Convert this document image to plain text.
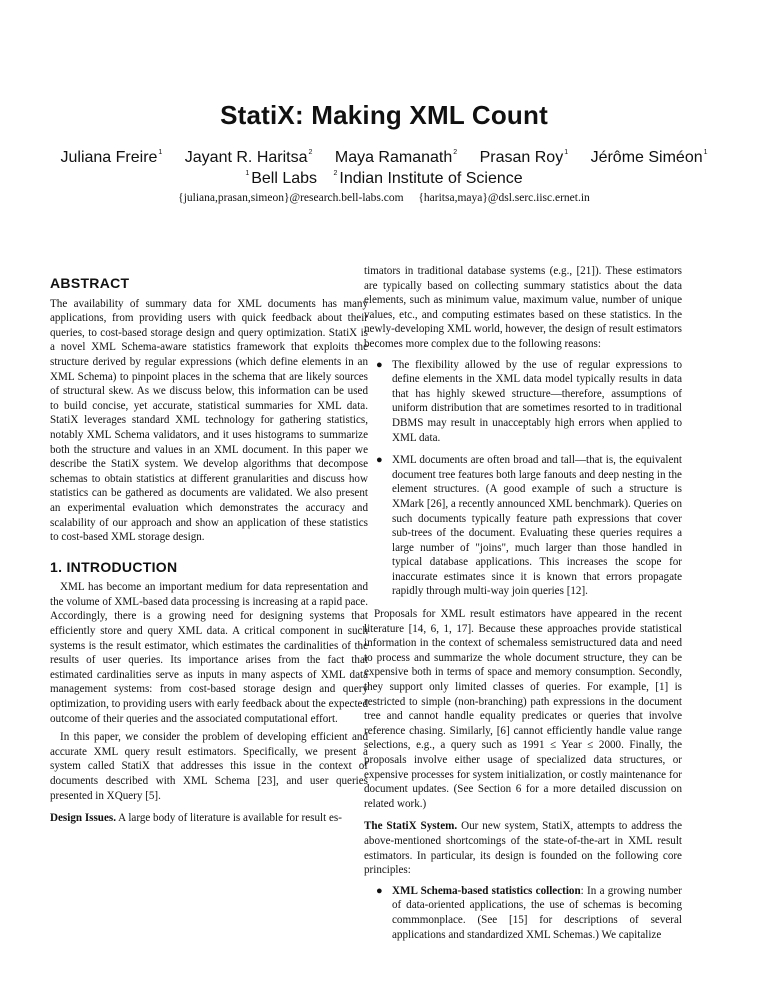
StatiX: Making XML Count
Juliana Freire$^1$ Jayant R. Haritsa$^2$ Maya Ramanath$^2$ Prasan Roy$^1$ Jérôme Siméon$^1$
$^1$ Bell Labs $^2$ Indian Institute of Science
{juliana,prasan,simeon}@research.bell-labs.com {haritsa,maya}@dsl.serc.iisc.ernet.in
ABSTRACT

The availability of summary data for XML documents has many applications, from providing users with quick feedback about their queries, to cost-based storage design and query optimization. StatiX is a novel XML Schema-aware statistics framework that exploits the structure derived by regular expressions (which define elements in an XML Schema) to pinpoint places in the schema that are likely sources of structural skew. As we discuss below, this information can be used to build concise, yet accurate, statistical summaries for XML data. StatiX leverages standard XML technology for gathering statistics, notably XML Schema validators, and it uses histograms to summarize both the structure and values in an XML document. In this paper we describe the StatiX system. We develop algorithms that decompose schemas to obtain statistics at different granularities and discuss how statistics can be gathered as documents are validated. We also present an experimental evaluation which demonstrates the accuracy and scalability of our approach and show an application of these statistics to cost-based XML storage design.

1. INTRODUCTION

XML has become an important medium for data representation and the volume of XML-based data processing is increasing at a rapid pace. Accordingly, there is a growing need for designing systems that efficiently store and query XML data. A critical component in such systems is the result estimator, which estimates the cardinalities of the results of user queries. Its importance arises from the fact that estimated cardinalities serve as inputs in many aspects of XML data management systems: from cost-based storage design and query optimization, to providing users with early feedback about the expected outcome of their queries and the associated computational effort.

In this paper, we consider the problem of developing efficient and accurate XML query result estimators. Specifically, we present a system called StatiX that addresses this issue in the context of documents described with XML Schema [23], and user queries presented in XQuery [5].

Design Issues. A large body of literature is available for result es-

timators in traditional database systems (e.g., [21]). These estimators are typically based on collecting summary statistics about the data elements, such as minimum value, maximum value, number of unique values, etc., and computing estimates based on these statistics. In the newly-developing XML world, however, the design of result estimators becomes more complex due to the following reasons:

● The flexibility allowed by the use of regular expressions to define elements in the XML data model typically results in data that has highly skewed structure—therefore, assumptions of uniform distribution that are sometimes resorted to in traditional DBMS may result in unacceptably high errors when applied to XML data.
● XML documents are often broad and tall—that is, the equivalent document tree features both large fanouts and deep nesting in the element structures. (A good example of such a structure is XMark [26], a recently announced XML benchmark). Queries on such documents typically feature path expressions that cover sub-trees of the document. Evaluating these queries requires a large number of "joins", much larger than those handled in typical database applications. This increases the scope for inaccurate estimates since it is known that errors propagate rapidly through multi-way join queries [12].

Proposals for XML result estimators have appeared in the recent literature [14, 6, 1, 17]. Because these approaches provide statistical information in the context of schemaless semistructured data and need to process and summarize the whole document structure, they can be expensive both in terms of space and memory consumption. Secondly, they support only limited classes of queries. For example, [1] is restricted to simple (non-branching) path expressions in the document tree and cannot handle equality predicates or queries that involve reference chasing. Similarly, [6] cannot efficiently handle value range selections, e.g., a query such as 1991 ≤ Year ≤ 2000. Finally, the proposals involve either usage of specialized data structures, or expensive processes for system initialization, or costly maintenance for document updates. (See Section 6 for a more detailed discussion on related work.)

The StatiX System. Our new system, StatiX, attempts to address the above-mentioned shortcomings of the state-of-the-art in XML result estimators. In particular, its design is founded on the following core principles:

● XML Schema-based statistics collection: In a growing number of data-oriented applications, the use of schemas is becoming commmonplace. (See [15] for descriptions of several applications and standardized XML Schemas.) We capitalize
